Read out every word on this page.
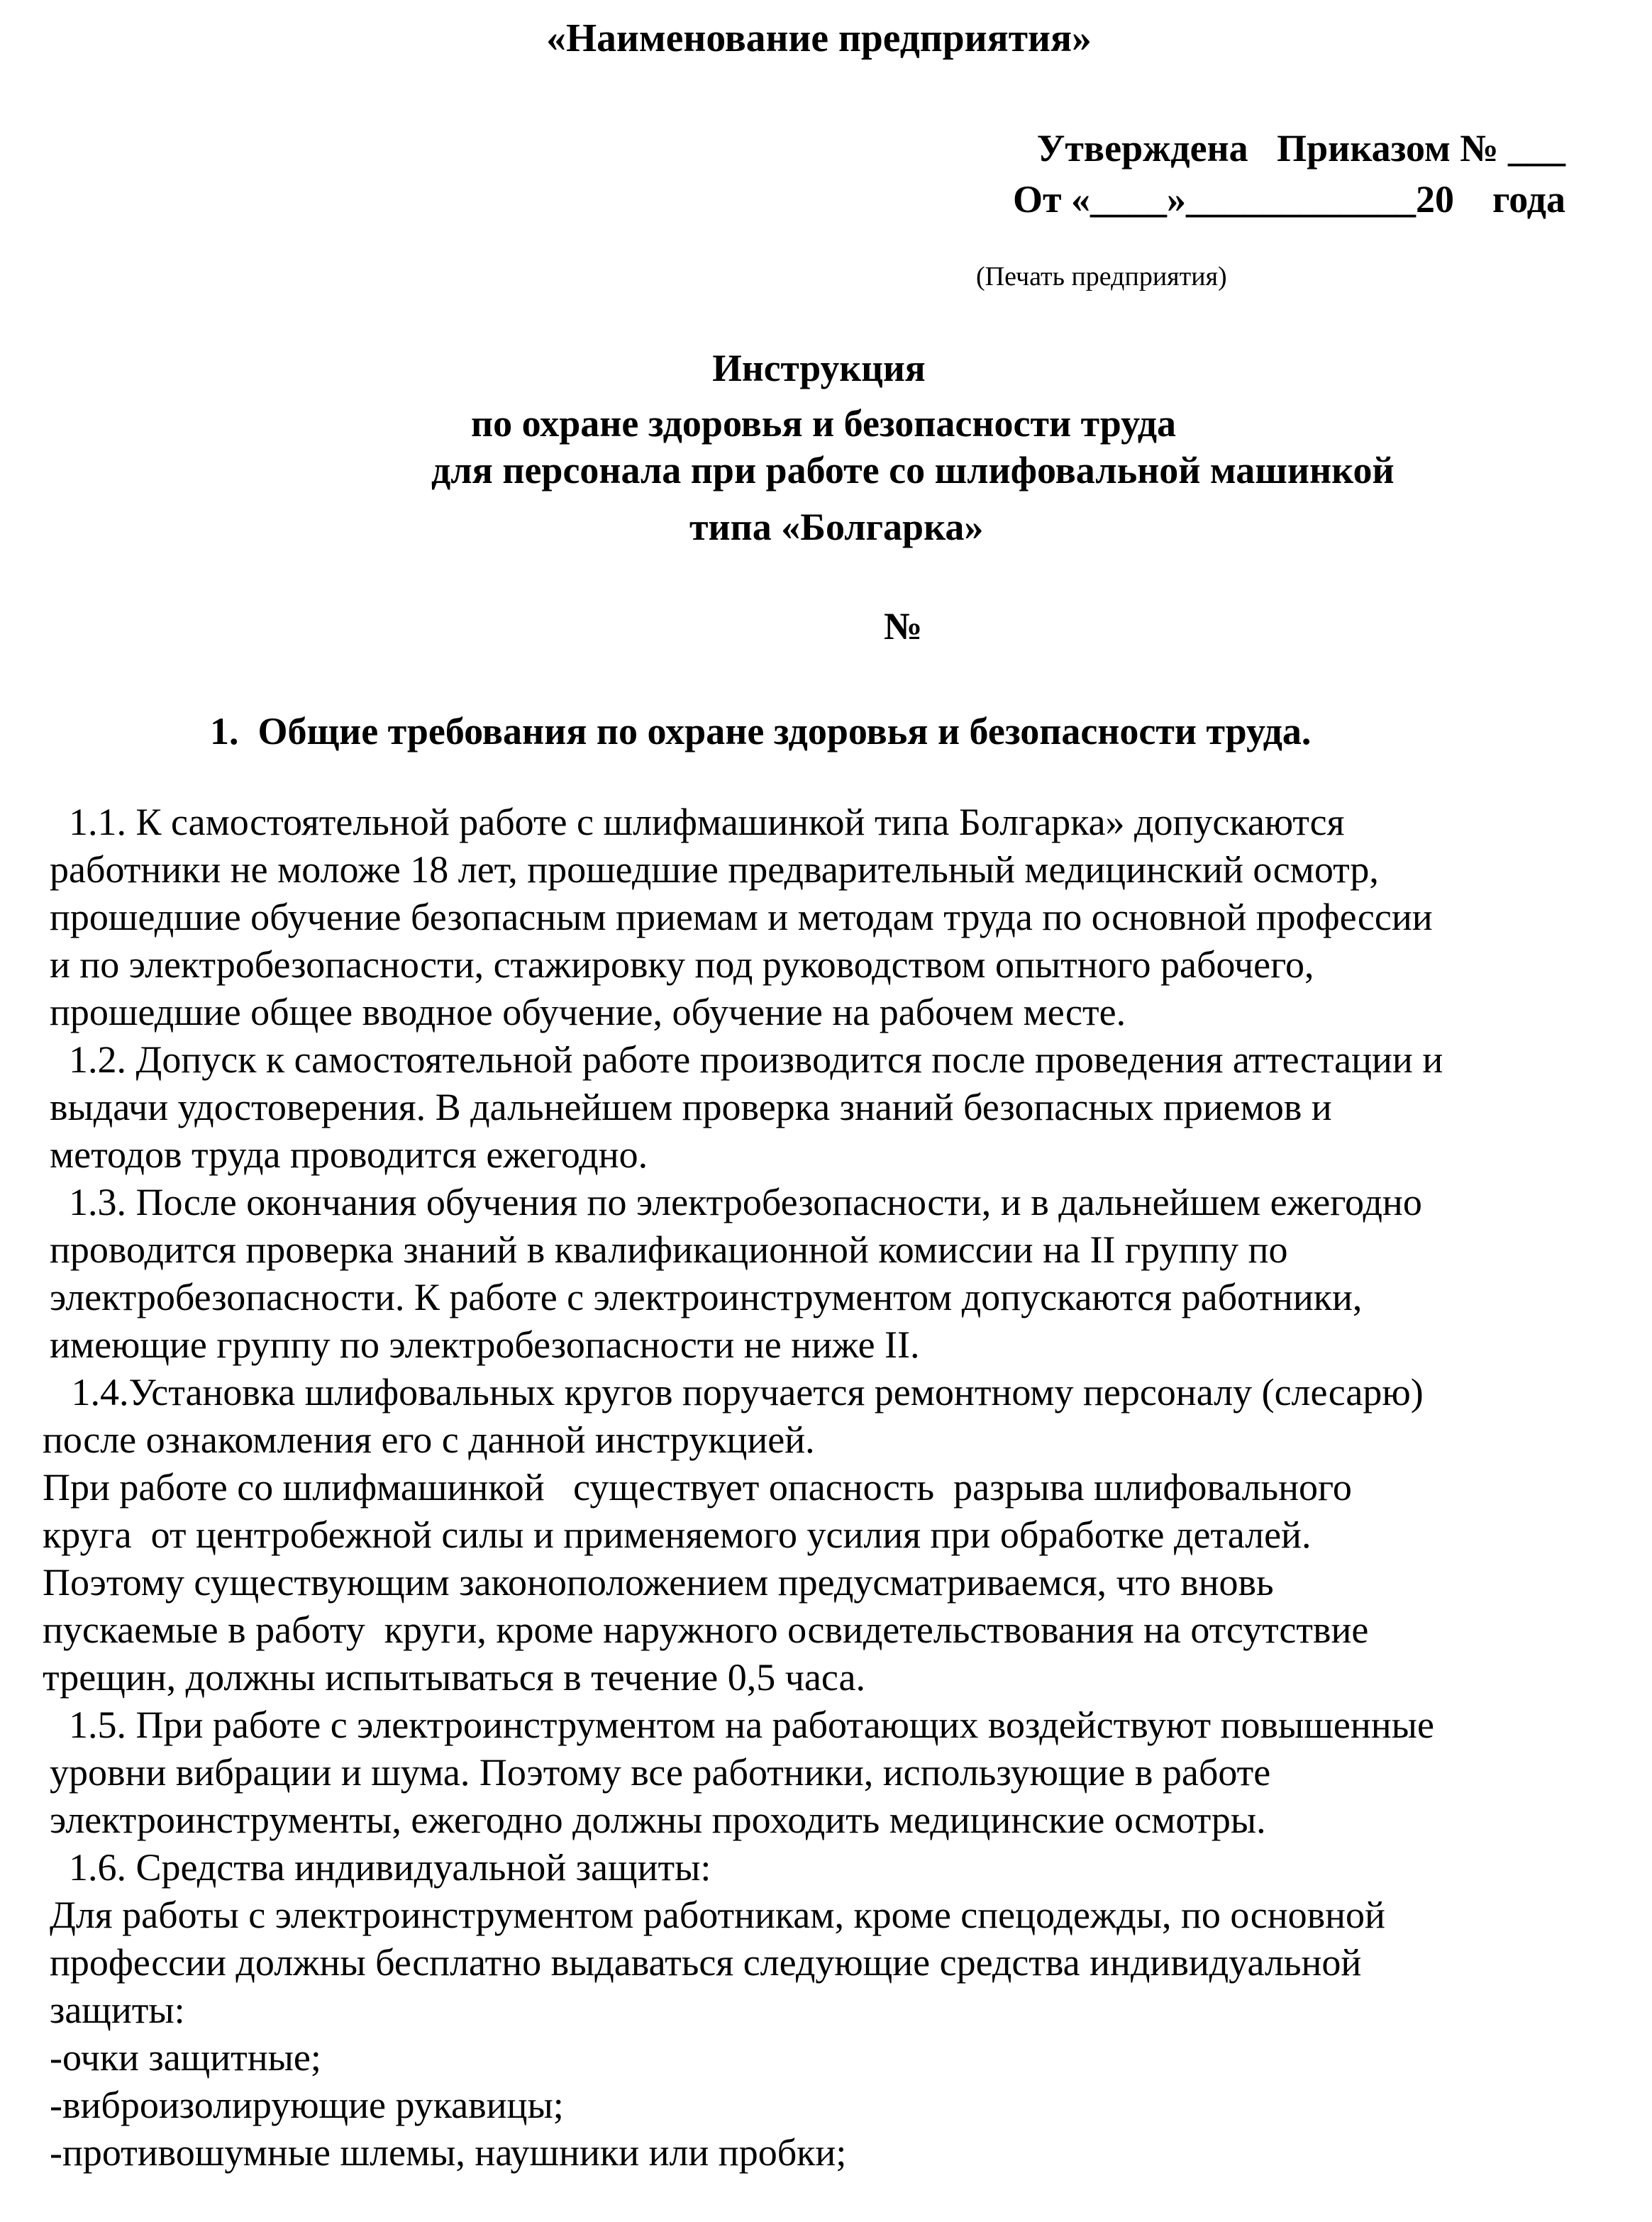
«Наименование предприятия»
Утверждена   Приказом № ___
От «____»____________20    года
(Печать предприятия)
Инструкция
по охране здоровья и безопасности труда
для персонала при работе со шлифовальной машинкой
типа «Болгарка»
№
1.  Общие требования по охране здоровья и безопасности труда.
1.1. К самостоятельной работе с шлифмашинкой типа Болгарка» допускаются
работники не моложе 18 лет, прошедшие предварительный медицинский осмотр,
прошедшие обучение безопасным приемам и методам труда по основной профессии
и по электробезопасности, стажировку под руководством опытного рабочего,
прошедшие общее вводное обучение, обучение на рабочем месте.
1.2. Допуск к самостоятельной работе производится после проведения аттестации и
выдачи удостоверения. В дальнейшем проверка знаний безопасных приемов и
методов труда проводится ежегодно.
1.3. После окончания обучения по электробезопасности, и в дальнейшем ежегодно
проводится проверка знаний в квалификационной комиссии на II группу по
электробезопасности. К работе с электроинструментом допускаются работники,
имеющие группу по электробезопасности не ниже II.
1.4.Установка шлифовальных кругов поручается ремонтному персоналу (слесарю)
после ознакомления его с данной инструкцией.
При работе со шлифмашинкой   существует опасность  разрыва шлифовального
круга  от центробежной силы и применяемого усилия при обработке деталей.
Поэтому существующим законоположением предусматриваемся, что вновь
пускаемые в работу  круги, кроме наружного освидетельствования на отсутствие
трещин, должны испытываться в течение 0,5 часа.
1.5. При работе с электроинструментом на работающих воздействуют повышенные
уровни вибрации и шума. Поэтому все работники, использующие в работе
электроинструменты, ежегодно должны проходить медицинские осмотры.
1.6. Средства индивидуальной защиты:
Для работы с электроинструментом работникам, кроме спецодежды, по основной
профессии должны бесплатно выдаваться следующие средства индивидуальной
защиты:
-очки защитные;
-виброизолирующие рукавицы;
-противошумные шлемы, наушники или пробки;
